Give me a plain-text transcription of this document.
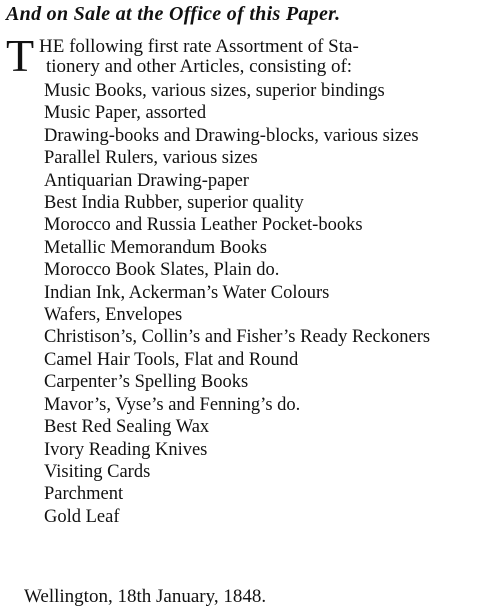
And on Sale at the Office of this Paper.
T HE following first rate Assortment of Sta-
tionery and other Articles, consisting of:

Music Books, various sizes, superior bindings

Music Paper, assorted

Drawing-books and Drawing-blocks, various sizes

Parallel Rulers, various sizes

Antiquarian Drawing-paper

Best India Rubber, superior quality

Morocco and Russia Leather Pocket-books

Metallic Memorandum Books

Morocco Book Slates, Plain do.

Indian Ink, Ackerman’s Water Colours

Wafers, Envelopes

Christison’s, Collin’s and Fisher’s Ready Reckoners

Camel Hair Tools, Flat and Round

Carpenter’s Spelling Books

Mavor’s, Vyse’s and Fenning’s do.

Best Red Sealing Wax

Ivory Reading Knives

Visiting Cards

Parchment

Gold Leaf

Wellington, 18th January, 1848.
